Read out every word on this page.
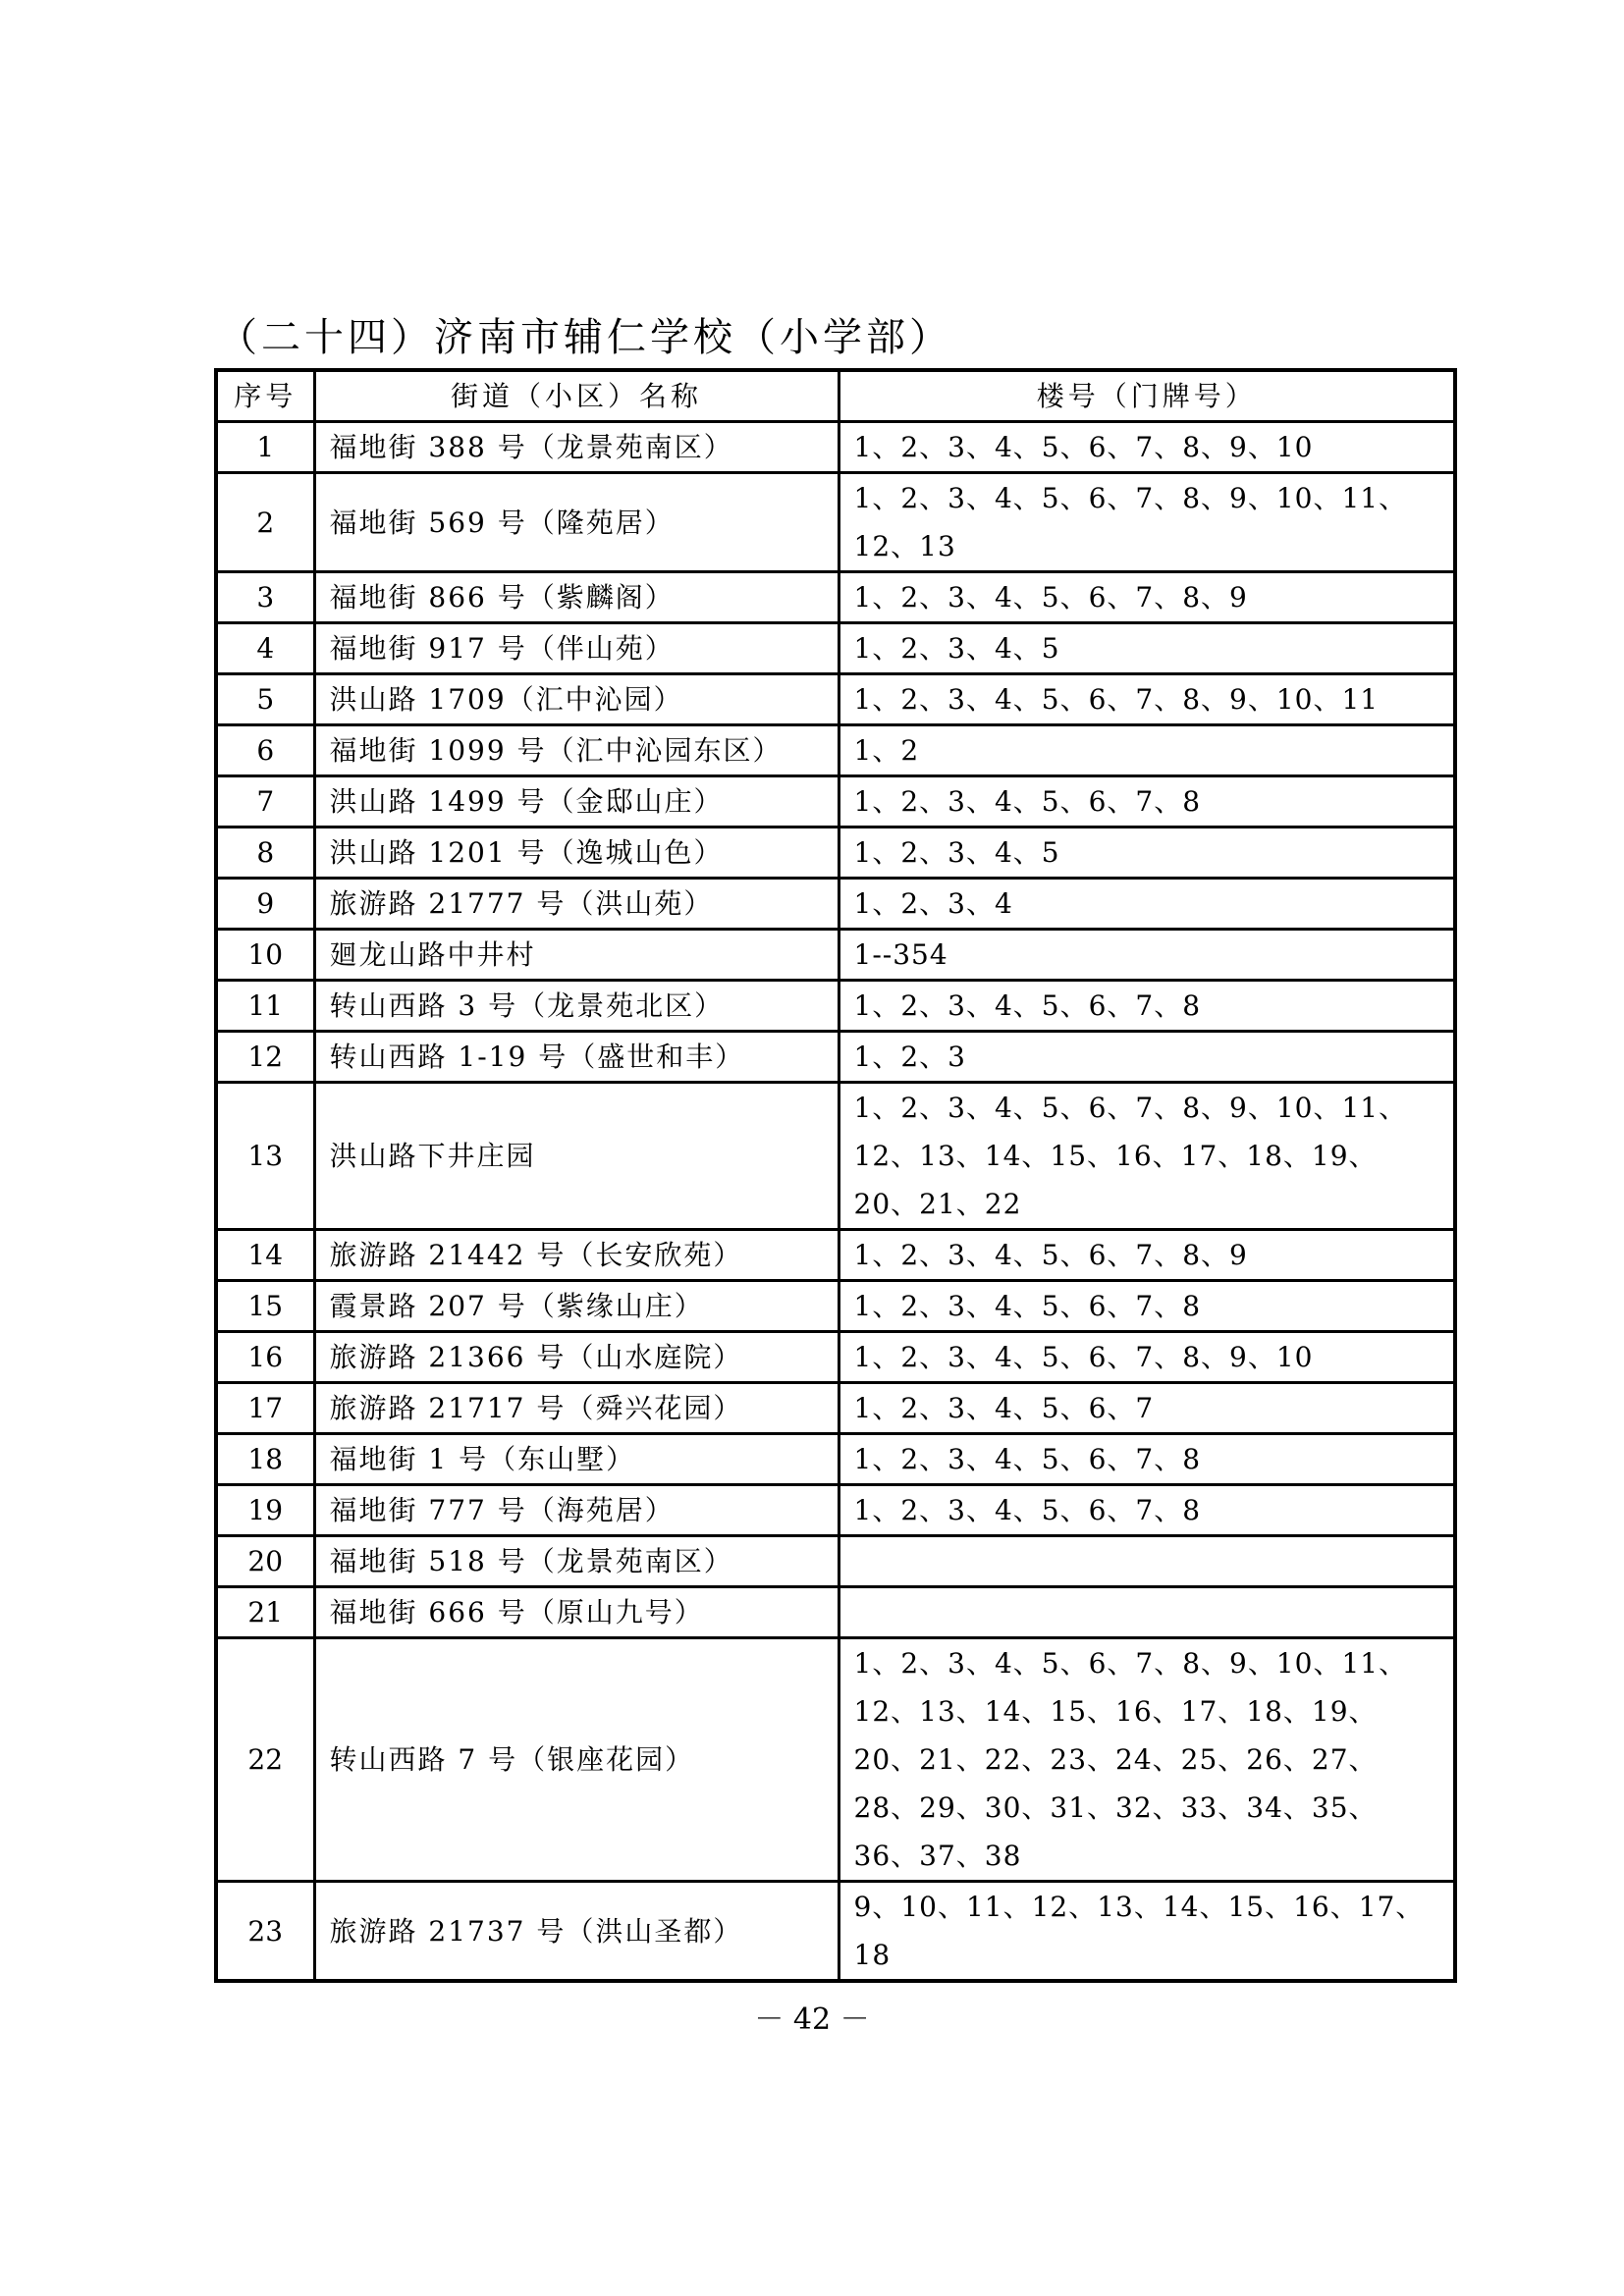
（二十四）济南市辅仁学校（小学部）
序号	街道（小区）名称	楼号（门牌号）
1	福地街 388 号（龙景苑南区）	1、2、3、4、5、6、7、8、9、10
2	福地街 569 号（隆苑居）	1、2、3、4、5、6、7、8、9、10、11、12、13
3	福地街 866 号（紫麟阁）	1、2、3、4、5、6、7、8、9
4	福地街 917 号（伴山苑）	1、2、3、4、5
5	洪山路 1709（汇中沁园）	1、2、3、4、5、6、7、8、9、10、11
6	福地街 1099 号（汇中沁园东区）	1、2
7	洪山路 1499 号（金邸山庄）	1、2、3、4、5、6、7、8
8	洪山路 1201 号（逸城山色）	1、2、3、4、5
9	旅游路 21777 号（洪山苑）	1、2、3、4
10	廻龙山路中井村	1--354
11	转山西路 3 号（龙景苑北区）	1、2、3、4、5、6、7、8
12	转山西路 1-19 号（盛世和丰）	1、2、3
13	洪山路下井庄园	1、2、3、4、5、6、7、8、9、10、11、12、13、14、15、16、17、18、19、20、21、22
14	旅游路 21442 号（长安欣苑）	1、2、3、4、5、6、7、8、9
15	霞景路 207 号（紫缘山庄）	1、2、3、4、5、6、7、8
16	旅游路 21366 号（山水庭院）	1、2、3、4、5、6、7、8、9、10
17	旅游路 21717 号（舜兴花园）	1、2、3、4、5、6、7
18	福地街 1 号（东山墅）	1、2、3、4、5、6、7、8
19	福地街 777 号（海苑居）	1、2、3、4、5、6、7、8
20	福地街 518 号（龙景苑南区）	
21	福地街 666 号（原山九号）	
22	转山西路 7 号（银座花园）	1、2、3、4、5、6、7、8、9、10、11、12、13、14、15、16、17、18、19、20、21、22、23、24、25、26、27、28、29、30、31、32、33、34、35、36、37、38
23	旅游路 21737 号（洪山圣都）	9、10、11、12、13、14、15、16、17、18
－ 42 －
